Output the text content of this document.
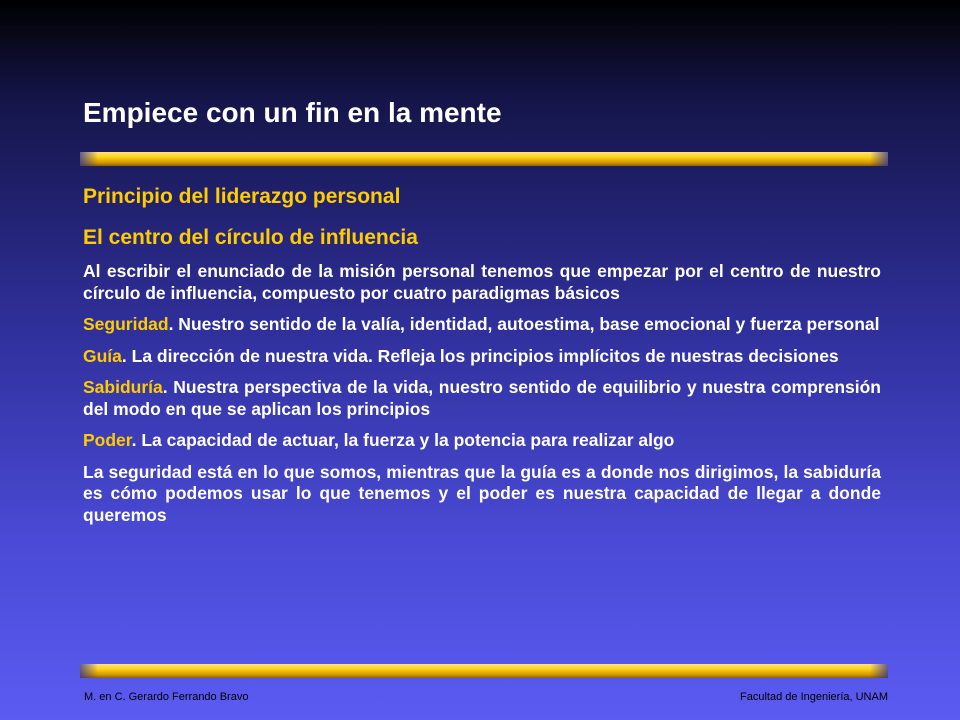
Empiece con un fin en la mente

Principio del liderazgo personal

El centro del círculo de influencia

Al escribir el enunciado de la misión personal tenemos que empezar por el centro de nuestro círculo de influencia, compuesto por cuatro paradigmas básicos

Seguridad. Nuestro sentido de la valía, identidad, autoestima, base emocional y fuerza personal

Guía. La dirección de nuestra vida. Refleja los principios implícitos de nuestras decisiones

Sabiduría. Nuestra perspectiva de la vida, nuestro sentido de equilibrio y nuestra comprensión del modo en que se aplican los principios

Poder. La capacidad de actuar, la fuerza y la potencia para realizar algo

La seguridad está en lo que somos, mientras que la guía es a donde nos dirigimos, la sabiduría es cómo podemos usar lo que tenemos y el poder es nuestra capacidad de llegar a donde queremos

M. en C. Gerardo Ferrando Bravo	Facultad de Ingeniería, UNAM
